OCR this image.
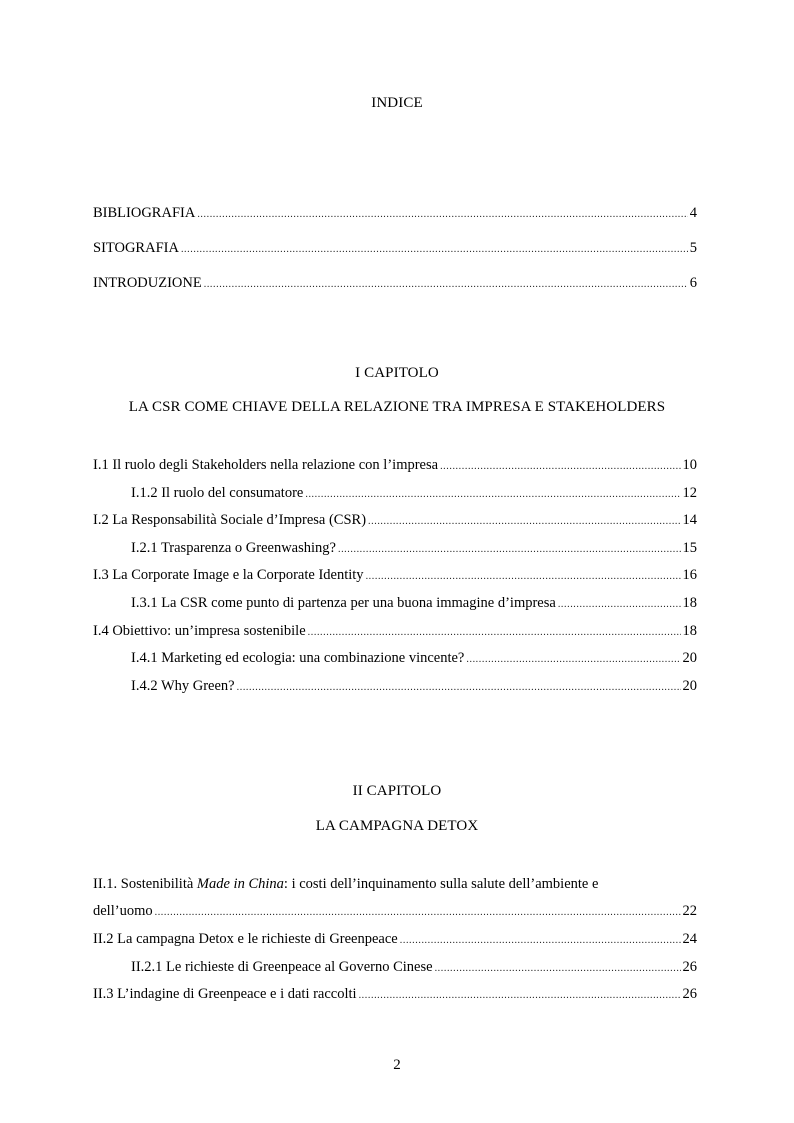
INDICE
BIBLIOGRAFIA .....	4
SITOGRAFIA .....	5
INTRODUZIONE .....	6
I CAPITOLO
LA CSR COME CHIAVE DELLA RELAZIONE TRA IMPRESA E STAKEHOLDERS
I.1 Il ruolo degli Stakeholders nella relazione con l’impresa .....	10
I.1.2 Il ruolo del consumatore .....	12
I.2 La Responsabilità Sociale d’Impresa (CSR) .....	14
I.2.1 Trasparenza o Greenwashing? .....	15
I.3 La Corporate Image e la Corporate Identity .....	16
I.3.1 La CSR come punto di partenza per una buona immagine d’impresa .....	18
I.4 Obiettivo: un’impresa sostenibile .....	18
I.4.1 Marketing ed ecologia: una combinazione vincente? .....	20
I.4.2 Why Green? .....	20
II CAPITOLO
LA CAMPAGNA DETOX
II.1. Sostenibilità Made in China: i costi dell’inquinamento sulla salute dell’ambiente e
dell’uomo .....	22
II.2 La campagna Detox e le richieste di Greenpeace .....	24
II.2.1 Le richieste di Greenpeace al Governo Cinese .....	26
II.3 L’indagine di Greenpeace e i dati raccolti .....	26
2
